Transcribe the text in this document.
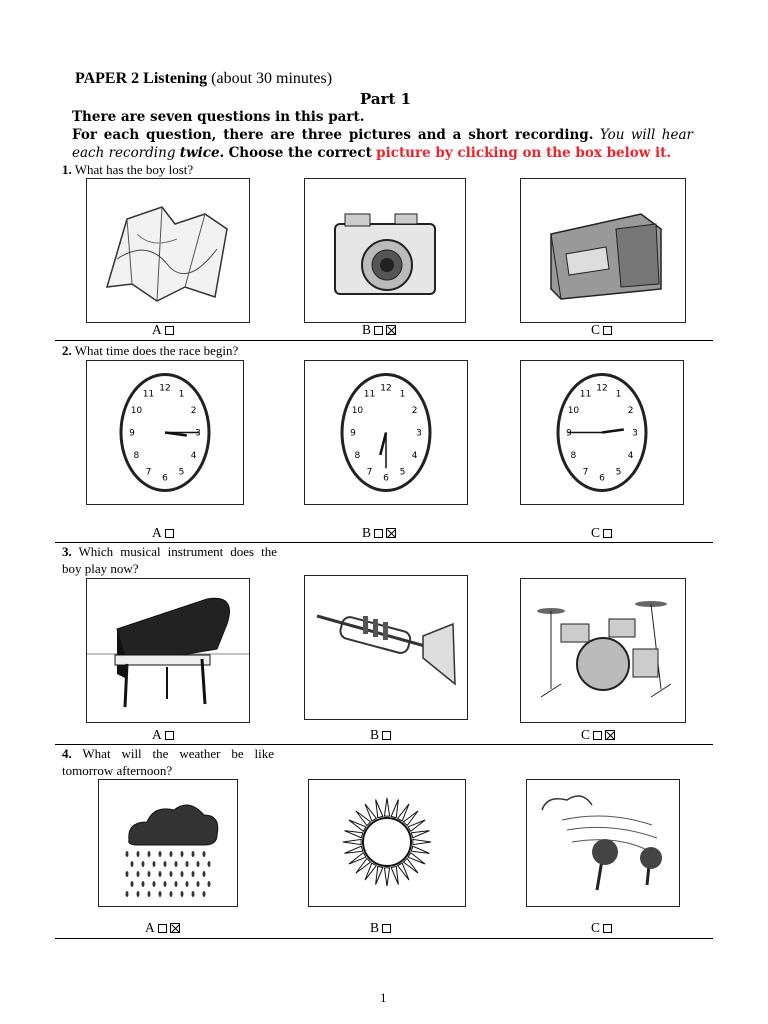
PAPER 2 Listening (about 30 minutes)
Part 1
There are seven questions in this part.
For each question, there are three pictures and a short recording. You will hear each recording twice. Choose the correct picture by clicking on the box below it.
1. What has the boy lost?
A	B	C
2. What time does the race begin?
1
2
3
4
5
6
7
8
9
10
11
12
1
2
3
4
5
6
7
8
9
10
11
12
1
2
3
4
5
6
7
8
9
10
11
12
A	B	C
3. Which musical instrument does the boy play now?
A	B	C
4. What will the weather be like tomorrow afternoon?
A	B	C
1
